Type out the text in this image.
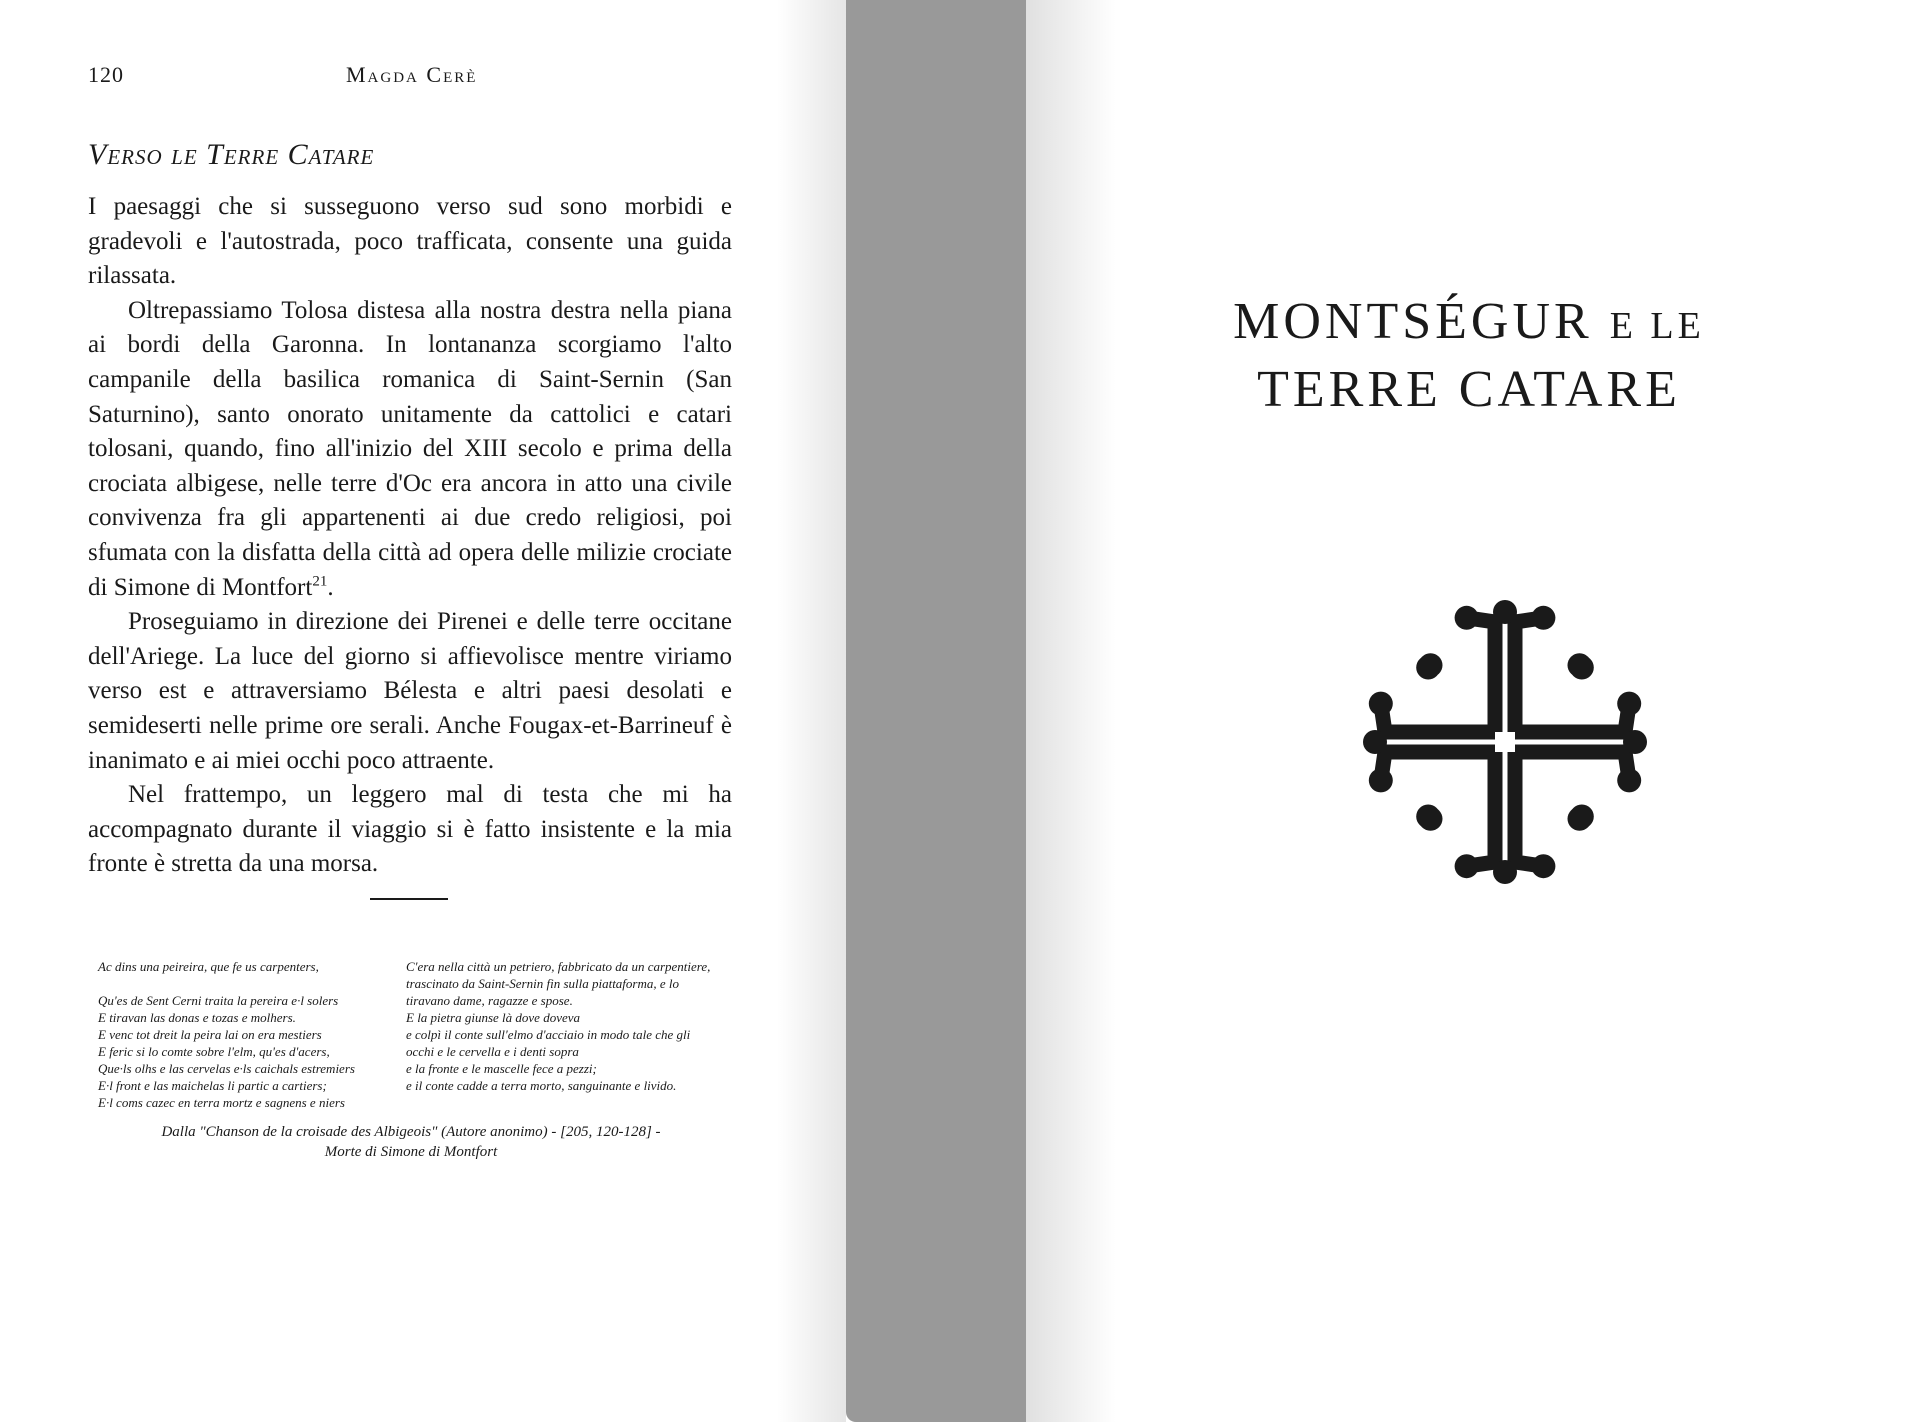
120	Magda Cerè
Verso le Terre Catare

I paesaggi che si susseguono verso sud sono morbidi e gradevoli e l'autostrada, poco trafficata, consente una guida rilassata.

Oltrepassiamo Tolosa distesa alla nostra destra nella piana ai bordi della Garonna. In lontananza scorgiamo l'alto campanile della basilica romanica di Saint-Sernin (San Saturnino), santo onorato unitamente da cattolici e catari tolosani, quando, fino all'inizio del XIII secolo e prima della crociata albigese, nelle terre d'Oc era ancora in atto una civile convivenza fra gli appartenenti ai due credo religiosi, poi sfumata con la disfatta della città ad opera delle milizie crociate di Simone di Montfort$^{21}$.

Proseguiamo in direzione dei Pirenei e delle terre occitane dell'Ariege. La luce del giorno si affievolisce mentre viriamo verso est e attraversiamo Bélesta e altri paesi desolati e semideserti nelle prime ore serali. Anche Fougax-et-Barrineuf è inanimato e ai miei occhi poco attraente.

Nel frattempo, un leggero mal di testa che mi ha accompagnato durante il viaggio si è fatto insistente e la mia fronte è stretta da una morsa.

Ac dins una peireira, que fe us carpenters,
Qu'es de Sent Cerni traita la pereira e·l solers
E tiravan las donas e tozas e molhers.
E venc tot dreit la peira lai on era mestiers
E feric si lo comte sobre l'elm, qu'es d'acers,
Que·ls olhs e las cervelas e·ls caichals estremiers
E·l front e las maichelas li partic a cartiers;
E·l coms cazec en terra mortz e sagnens e niers
C'era nella città un petriero, fabbricato da un carpentiere,
trascinato da Saint-Sernin fin sulla piattaforma, e lo
tiravano dame, ragazze e spose.
E la pietra giunse là dove doveva
e colpì il conte sull'elmo d'acciaio in modo tale che gli
occhi e le cervella e i denti sopra
e la fronte e le mascelle fece a pezzi;
e il conte cadde a terra morto, sanguinante e livido.
Dalla "Chanson de la croisade des Albigeois" (Autore anonimo) - [205, 120-128] -
Morte di Simone di Montfort
MONTSÉGUR E LE
TERRE CATARE
